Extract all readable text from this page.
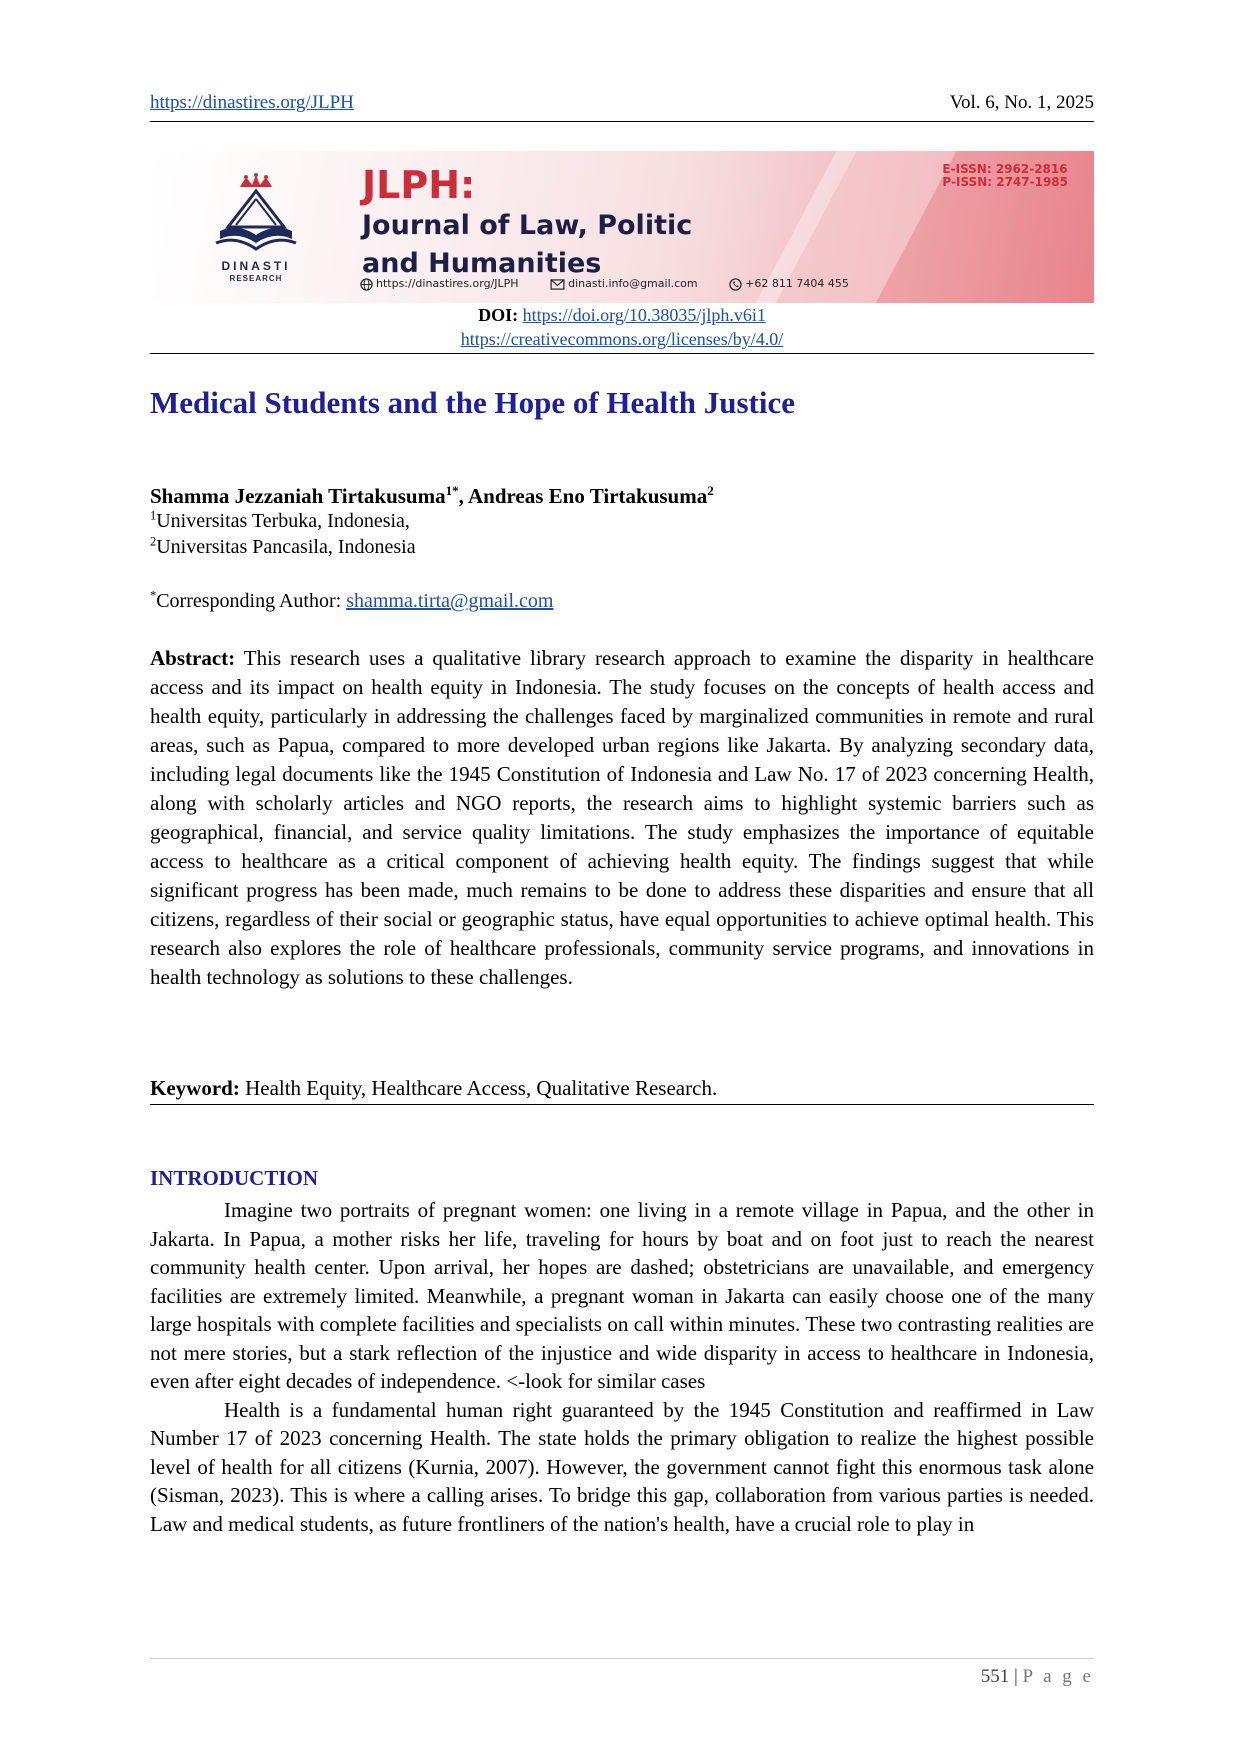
https://dinastires.org/JLPH	Vol. 6, No. 1, 2025
DINASTI
RESEARCH
JLPH:
Journal of Law, Politic
and Humanities
https://dinastires.org/JLPH	dinasti.info@gmail.com	+62 811 7404 455
E-ISSN: 2962-2816
P-ISSN: 2747-1985
DOI: https://doi.org/10.38035/jlph.v6i1
https://creativecommons.org/licenses/by/4.0/
Medical Students and the Hope of Health Justice
Shamma Jezzaniah Tirtakusuma$^{1*}$, Andreas Eno Tirtakusuma$^2$
$^1$Universitas Terbuka, Indonesia,
$^2$Universitas Pancasila, Indonesia
*Corresponding Author: shamma.tirta@gmail.com
Abstract: This research uses a qualitative library research approach to examine the disparity in healthcare access and its impact on health equity in Indonesia. The study focuses on the concepts of health access and health equity, particularly in addressing the challenges faced by marginalized communities in remote and rural areas, such as Papua, compared to more developed urban regions like Jakarta. By analyzing secondary data, including legal documents like the 1945 Constitution of Indonesia and Law No. 17 of 2023 concerning Health, along with scholarly articles and NGO reports, the research aims to highlight systemic barriers such as geographical, financial, and service quality limitations. The study emphasizes the importance of equitable access to healthcare as a critical component of achieving health equity. The findings suggest that while significant progress has been made, much remains to be done to address these disparities and ensure that all citizens, regardless of their social or geographic status, have equal opportunities to achieve optimal health. This research also explores the role of healthcare professionals, community service programs, and innovations in health technology as solutions to these challenges.
Keyword: Health Equity, Healthcare Access, Qualitative Research.
INTRODUCTION

Imagine two portraits of pregnant women: one living in a remote village in Papua, and the other in Jakarta. In Papua, a mother risks her life, traveling for hours by boat and on foot just to reach the nearest community health center. Upon arrival, her hopes are dashed; obstetricians are unavailable, and emergency facilities are extremely limited. Meanwhile, a pregnant woman in Jakarta can easily choose one of the many large hospitals with complete facilities and specialists on call within minutes. These two contrasting realities are not mere stories, but a stark reflection of the injustice and wide disparity in access to healthcare in Indonesia, even after eight decades of independence. <-look for similar cases

Health is a fundamental human right guaranteed by the 1945 Constitution and reaffirmed in Law Number 17 of 2023 concerning Health. The state holds the primary obligation to realize the highest possible level of health for all citizens (Kurnia, 2007). However, the government cannot fight this enormous task alone (Sisman, 2023). This is where a calling arises. To bridge this gap, collaboration from various parties is needed. Law and medical students, as future frontliners of the nation's health, have a crucial role to play in

551 | P a g e
